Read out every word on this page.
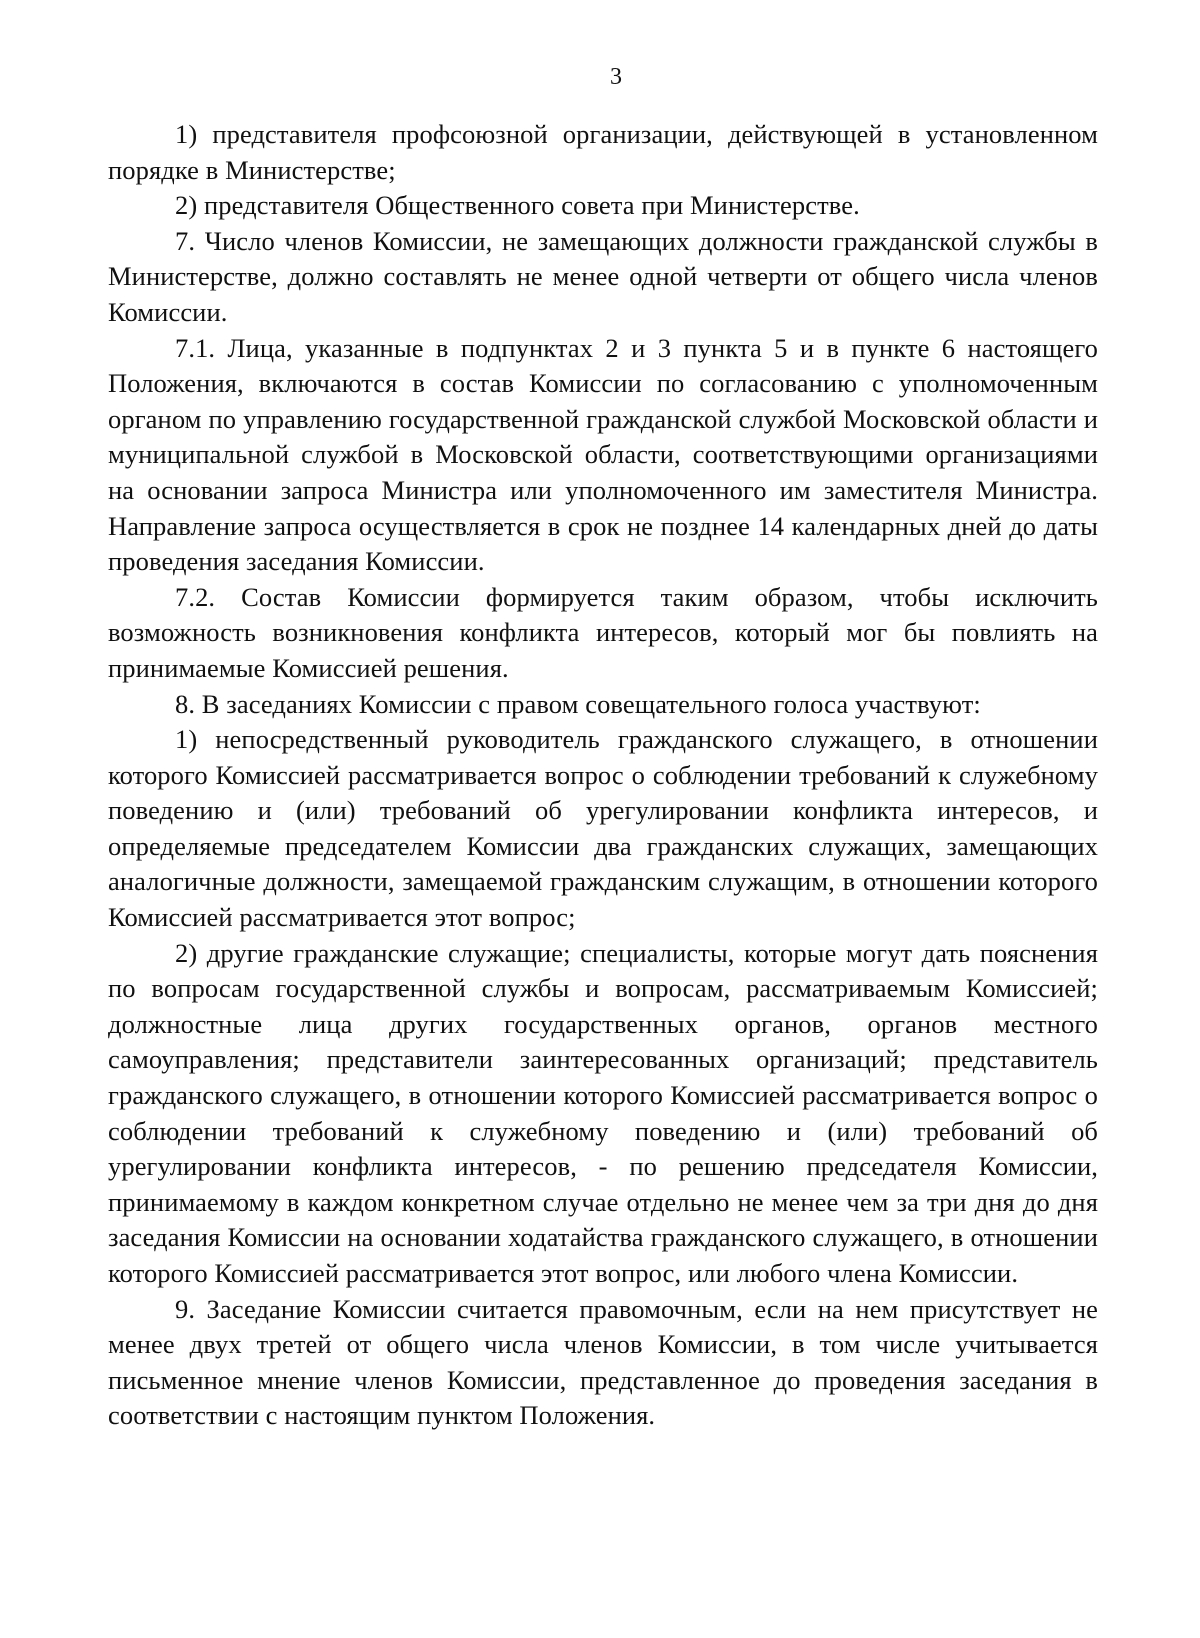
3

1) представителя профсоюзной организации, действующей в установленном порядке в Министерстве;

2) представителя Общественного совета при Министерстве.

7. Число членов Комиссии, не замещающих должности гражданской службы в Министерстве, должно составлять не менее одной четверти от общего числа членов Комиссии.

7.1. Лица, указанные в подпунктах 2 и 3 пункта 5 и в пункте 6 настоящего Положения, включаются в состав Комиссии по согласованию с уполномоченным органом по управлению государственной гражданской службой Московской области и муниципальной службой в Московской области, соответствующими организациями на основании запроса Министра или уполномоченного им заместителя Министра. Направление запроса осуществляется в срок не позднее 14 календарных дней до даты проведения заседания Комиссии.

7.2. Состав Комиссии формируется таким образом, чтобы исключить возможность возникновения конфликта интересов, который мог бы повлиять на принимаемые Комиссией решения.

8. В заседаниях Комиссии с правом совещательного голоса участвуют:

1) непосредственный руководитель гражданского служащего, в отношении которого Комиссией рассматривается вопрос о соблюдении требований к служебному поведению и (или) требований об урегулировании конфликта интересов, и определяемые председателем Комиссии два гражданских служащих, замещающих аналогичные должности, замещаемой гражданским служащим, в отношении которого Комиссией рассматривается этот вопрос;

2) другие гражданские служащие; специалисты, которые могут дать пояснения по вопросам государственной службы и вопросам, рассматриваемым Комиссией; должностные лица других государственных органов, органов местного самоуправления; представители заинтересованных организаций; представитель гражданского служащего, в отношении которого Комиссией рассматривается вопрос о соблюдении требований к служебному поведению и (или) требований об урегулировании конфликта интересов, - по решению председателя Комиссии, принимаемому в каждом конкретном случае отдельно не менее чем за три дня до дня заседания Комиссии на основании ходатайства гражданского служащего, в отношении которого Комиссией рассматривается этот вопрос, или любого члена Комиссии.

9. Заседание Комиссии считается правомочным, если на нем присутствует не менее двух третей от общего числа членов Комиссии, в том числе учитывается письменное мнение членов Комиссии, представленное до проведения заседания в соответствии с настоящим пунктом Положения.
